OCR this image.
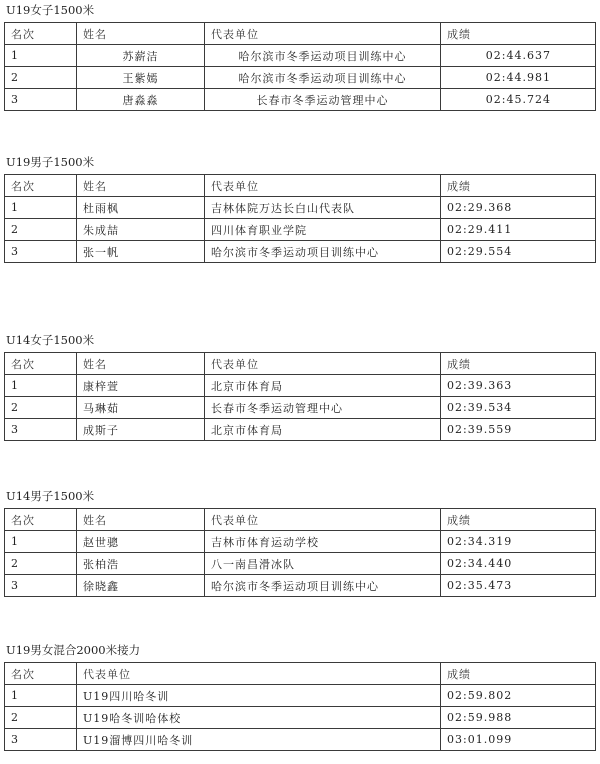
U19女子1500米
名次	姓名	代表单位	成绩
1	苏薪洁	哈尔滨市冬季运动项目训练中心	02:44.637
2	王紫嫣	哈尔滨市冬季运动项目训练中心	02:44.981
3	唐淼淼	长春市冬季运动管理中心	02:45.724
U19男子1500米
名次	姓名	代表单位	成绩
1	杜雨枫	吉林体院万达长白山代表队	02:29.368
2	朱成喆	四川体育职业学院	02:29.411
3	张一帆	哈尔滨市冬季运动项目训练中心	02:29.554
U14女子1500米
名次	姓名	代表单位	成绩
1	康梓萱	北京市体育局	02:39.363
2	马琳茹	长春市冬季运动管理中心	02:39.534
3	成斯子	北京市体育局	02:39.559
U14男子1500米
名次	姓名	代表单位	成绩
1	赵世骢	吉林市体育运动学校	02:34.319
2	张柏浩	八一南昌滑冰队	02:34.440
3	徐晓鑫	哈尔滨市冬季运动项目训练中心	02:35.473
U19男女混合2000米接力
名次	代表单位	成绩
1	U19四川哈冬训	02:59.802
2	U19哈冬训哈体校	02:59.988
3	U19溜博四川哈冬训	03:01.099
